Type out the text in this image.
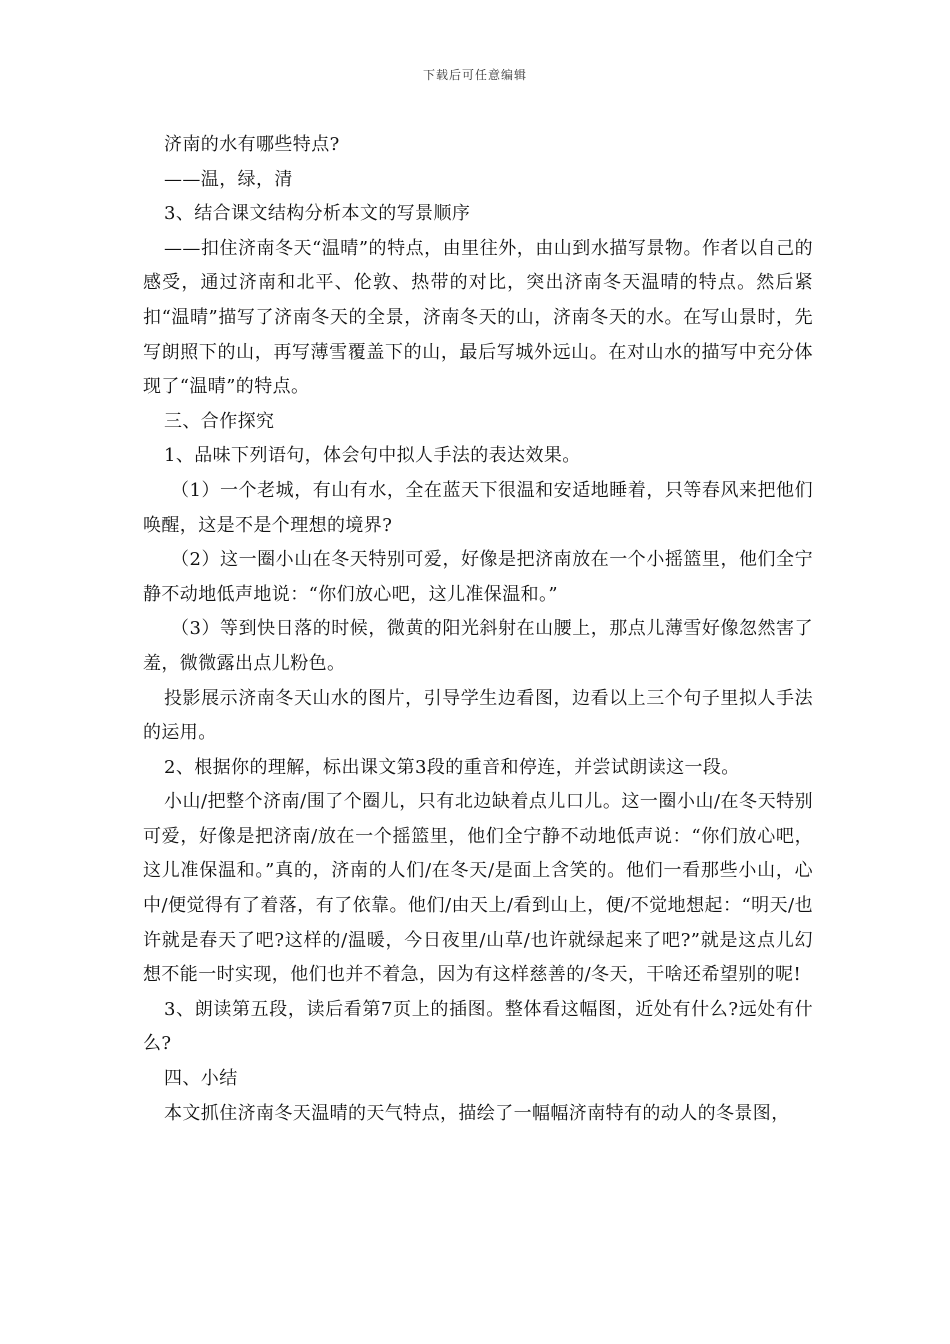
下载后可任意编辑

济南的水有哪些特点?

——温，绿，清

3、结合课文结构分析本文的写景顺序

——扣住济南冬天“温晴”的特点，由里往外，由山到水描写景物。作者以自己的感受，通过济南和北平、伦敦、热带的对比，突出济南冬天温晴的特点。然后紧扣“温晴”描写了济南冬天的全景，济南冬天的山，济南冬天的水。在写山景时，先写朗照下的山，再写薄雪覆盖下的山，最后写城外远山。在对山水的描写中充分体现了“温晴”的特点。

三、合作探究

1、品味下列语句，体会句中拟人手法的表达效果。

（1）一个老城，有山有水，全在蓝天下很温和安适地睡着，只等春风来把他们唤醒，这是不是个理想的境界?

（2）这一圈小山在冬天特别可爱，好像是把济南放在一个小摇篮里，他们全宁静不动地低声地说：“你们放心吧，这儿准保温和。”

（3）等到快日落的时候，微黄的阳光斜射在山腰上，那点儿薄雪好像忽然害了羞，微微露出点儿粉色。

投影展示济南冬天山水的图片，引导学生边看图，边看以上三个句子里拟人手法的运用。

2、根据你的理解，标出课文第3段的重音和停连，并尝试朗读这一段。

小山/把整个济南/围了个圈儿，只有北边缺着点儿口儿。这一圈小山/在冬天特别可爱，好像是把济南/放在一个摇篮里，他们全宁静不动地低声说：“你们放心吧，这儿准保温和。”真的，济南的人们/在冬天/是面上含笑的。他们一看那些小山，心中/便觉得有了着落，有了依靠。他们/由天上/看到山上，便/不觉地想起：“明天/也许就是春天了吧?这样的/温暖，今日夜里/山草/也许就绿起来了吧?”就是这点儿幻想不能一时实现，他们也并不着急，因为有这样慈善的/冬天，干啥还希望别的呢!

3、朗读第五段，读后看第7页上的插图。整体看这幅图，近处有什么?远处有什么?

四、小结

本文抓住济南冬天温晴的天气特点，描绘了一幅幅济南特有的动人的冬景图，
